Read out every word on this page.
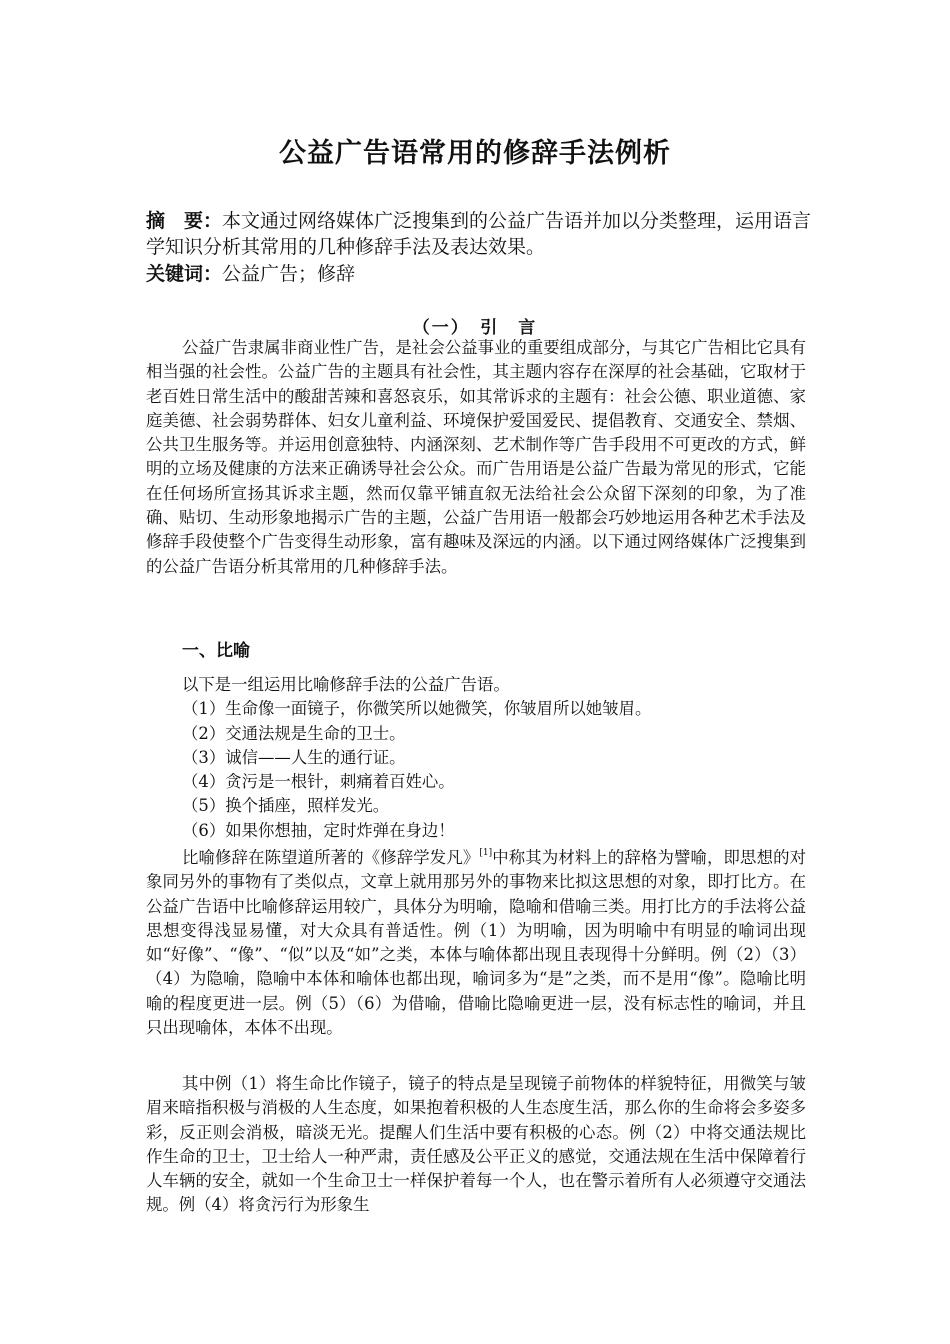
公益广告语常用的修辞手法例析
摘　要：本文通过网络媒体广泛搜集到的公益广告语并加以分类整理，运用语言学知识分析其常用的几种修辞手法及表达效果。
关键词：公益广告；修辞
（一）　引　言
公益广告隶属非商业性广告，是社会公益事业的重要组成部分，与其它广告相比它具有相当强的社会性。公益广告的主题具有社会性，其主题内容存在深厚的社会基础，它取材于老百姓日常生活中的酸甜苦辣和喜怒哀乐，如其常诉求的主题有：社会公德、职业道德、家庭美德、社会弱势群体、妇女儿童利益、环境保护爱国爱民、提倡教育、交通安全、禁烟、公共卫生服务等。并运用创意独特、内涵深刻、艺术制作等广告手段用不可更改的方式，鲜明的立场及健康的方法来正确诱导社会公众。而广告用语是公益广告最为常见的形式，它能在任何场所宣扬其诉求主题，然而仅靠平铺直叙无法给社会公众留下深刻的印象，为了准确、贴切、生动形象地揭示广告的主题，公益广告用语一般都会巧妙地运用各种艺术手法及修辞手段使整个广告变得生动形象，富有趣味及深远的内涵。以下通过网络媒体广泛搜集到的公益广告语分析其常用的几种修辞手法。
一、比喻
以下是一组运用比喻修辞手法的公益广告语。
（1）生命像一面镜子，你微笑所以她微笑，你皱眉所以她皱眉。
（2）交通法规是生命的卫士。
（3）诚信——人生的通行证。
（4）贪污是一根针，刺痛着百姓心。
（5）换个插座，照样发光。
（6）如果你想抽，定时炸弹在身边！
比喻修辞在陈望道所著的《修辞学发凡》[1]中称其为材料上的辞格为譬喻，即思想的对象同另外的事物有了类似点，文章上就用那另外的事物来比拟这思想的对象，即打比方。在公益广告语中比喻修辞运用较广，具体分为明喻，隐喻和借喻三类。用打比方的手法将公益思想变得浅显易懂，对大众具有普适性。例（1）为明喻，因为明喻中有明显的喻词出现如“好像”、“像”、“似”以及“如”之类，本体与喻体都出现且表现得十分鲜明。例（2）（3）（4）为隐喻，隐喻中本体和喻体也都出现，喻词多为“是”之类，而不是用“像”。隐喻比明喻的程度更进一层。例（5）（6）为借喻，借喻比隐喻更进一层，没有标志性的喻词，并且只出现喻体，本体不出现。
其中例（1）将生命比作镜子，镜子的特点是呈现镜子前物体的样貌特征，用微笑与皱眉来暗指积极与消极的人生态度，如果抱着积极的人生态度生活，那么你的生命将会多姿多彩，反正则会消极，暗淡无光。提醒人们生活中要有积极的心态。例（2）中将交通法规比作生命的卫士，卫士给人一种严肃，责任感及公平正义的感觉，交通法规在生活中保障着行人车辆的安全，就如一个生命卫士一样保护着每一个人，也在警示着所有人必须遵守交通法规。例（4）将贪污行为形象生
